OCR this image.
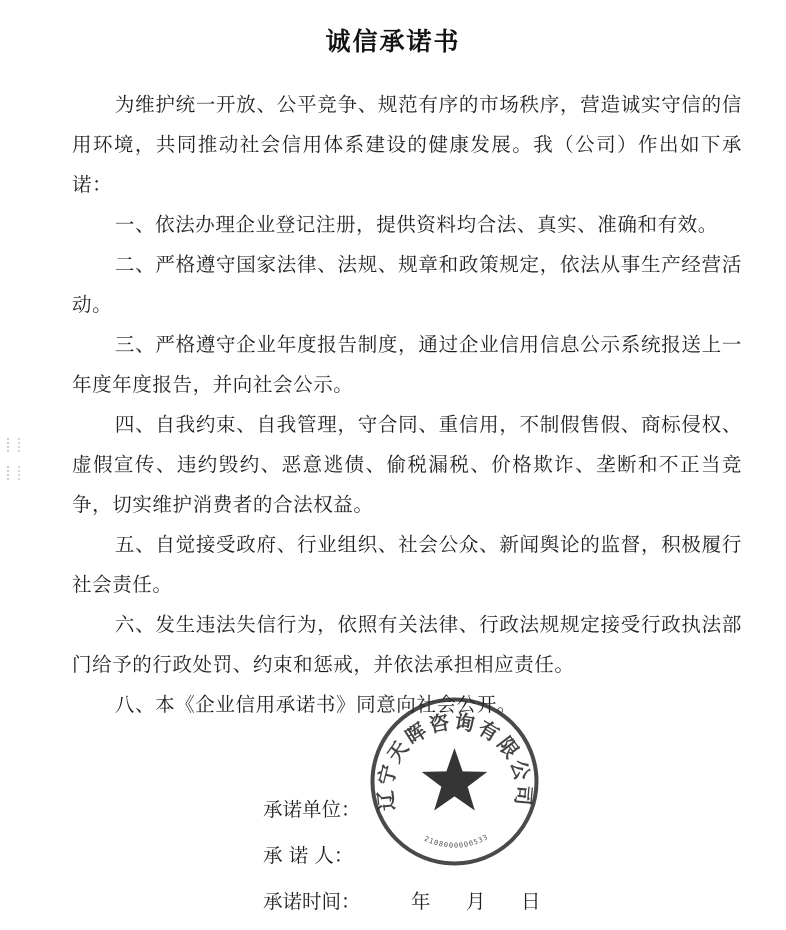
诚信承诺书

为维护统一开放、公平竞争、规范有序的市场秩序，营造诚实守信的信用环境，共同推动社会信用体系建设的健康发展。我（公司）作出如下承诺：

一、依法办理企业登记注册，提供资料均合法、真实、准确和有效。

二、严格遵守国家法律、法规、规章和政策规定，依法从事生产经营活动。

三、严格遵守企业年度报告制度，通过企业信用信息公示系统报送上一年度年度报告，并向社会公示。

四、自我约束、自我管理，守合同、重信用，不制假售假、商标侵权、虚假宣传、违约毁约、恶意逃债、偷税漏税、价格欺诈、垄断和不正当竞争，切实维护消费者的合法权益。

五、自觉接受政府、行业组织、社会公众、新闻舆论的监督，积极履行社会责任。

六、发生违法失信行为，依照有关法律、行政法规规定接受行政执法部门给予的行政处罚、约束和惩戒，并依法承担相应责任。

八、本《企业信用承诺书》同意向社会公开。

承诺单位：
承 诺 人：
承诺时间：	年 月 日
辽宁天晖咨询有限公司
2108000000533
